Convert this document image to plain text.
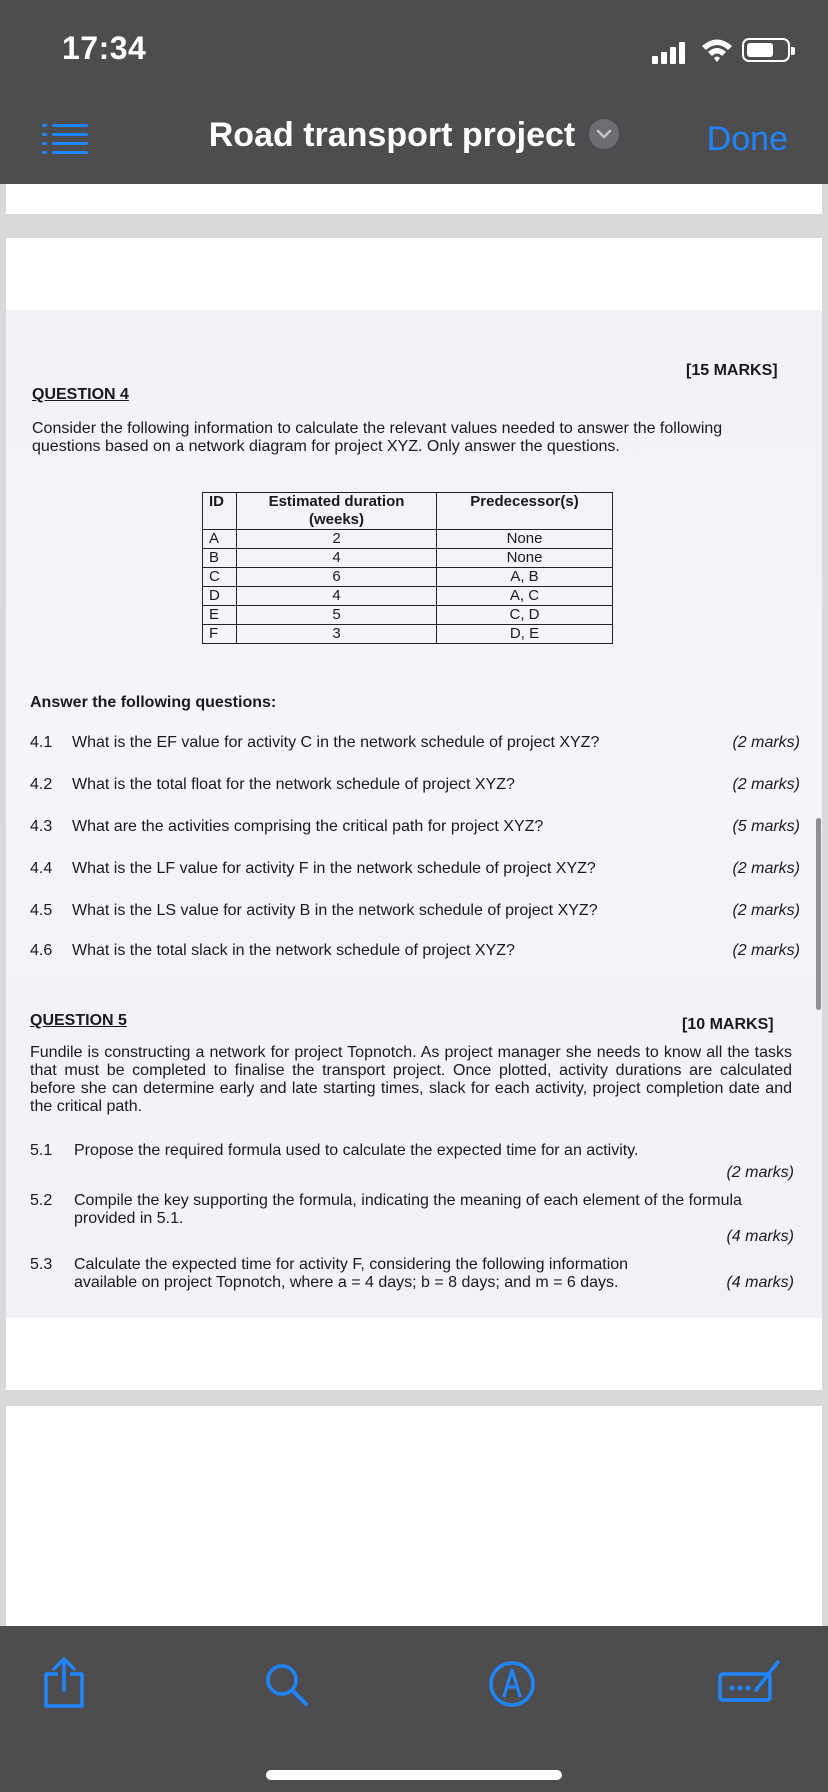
17:34
Road transport project	Done
[15 MARKS]
QUESTION 4
Consider the following information to calculate the relevant values needed to answer the following
questions based on a network diagram for project XYZ. Only answer the questions.
ID	Estimated duration (weeks)	Predecessor(s)
A	2	None
B	4	None
C	6	A, B
D	4	A, C
E	5	C, D
F	3	D, E
Answer the following questions:
4.1 What is the EF value for activity C in the network schedule of project XYZ?	(2 marks)
4.2 What is the total float for the network schedule of project XYZ?	(2 marks)
4.3 What are the activities comprising the critical path for project XYZ?	(5 marks)
4.4 What is the LF value for activity F in the network schedule of project XYZ?	(2 marks)
4.5 What is the LS value for activity B in the network schedule of project XYZ?	(2 marks)
4.6 What is the total slack in the network schedule of project XYZ?	(2 marks)
QUESTION 5	[10 MARKS]
Fundile is constructing a network for project Topnotch. As project manager she needs to know all the tasks that must be completed to finalise the transport project. Once plotted, activity durations are calculated before she can determine early and late starting times, slack for each activity, project completion date and the critical path.
5.1 Propose the required formula used to calculate the expected time for an activity.
(2 marks)
5.2 Compile the key supporting the formula, indicating the meaning of each element of the formula provided in 5.1.
(4 marks)
5.3 Calculate the expected time for activity F, considering the following information available on project Topnotch, where a = 4 days; b = 8 days; and m = 6 days.	(4 marks)
